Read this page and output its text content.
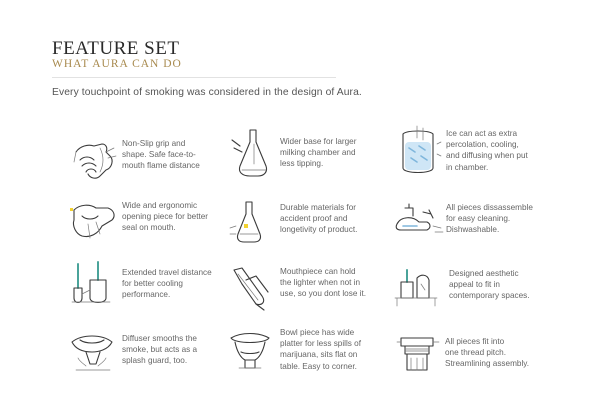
FEATURE SET
WHAT AURA CAN DO
Every touchpoint of smoking was considered in the design of Aura.
Non-Slip grip and
shape. Safe face-to-
mouth flame distance
Wider base for larger
milking chamber and
less tipping.
Ice can act as extra
percolation, cooling,
and diffusing when put
in chamber.
Wide and ergonomic
opening piece for better
seal on mouth.
Durable materials for
accident proof and
longetivity of product.
All pieces dissassemble
for easy cleaning.
Dishwashable.
Extended travel distance
for better cooling
performance.
Mouthpiece can hold
the lighter when not in
use, so you dont lose it.
Designed aesthetic
appeal to fit in
contemporary spaces.
Diffuser smooths the
smoke, but acts as a
splash guard, too.
Bowl piece has wide
platter for less spills of
marijuana, sits flat on
table. Easy to corner.
All pieces fit into
one thread pitch.
Streamlining assembly.
